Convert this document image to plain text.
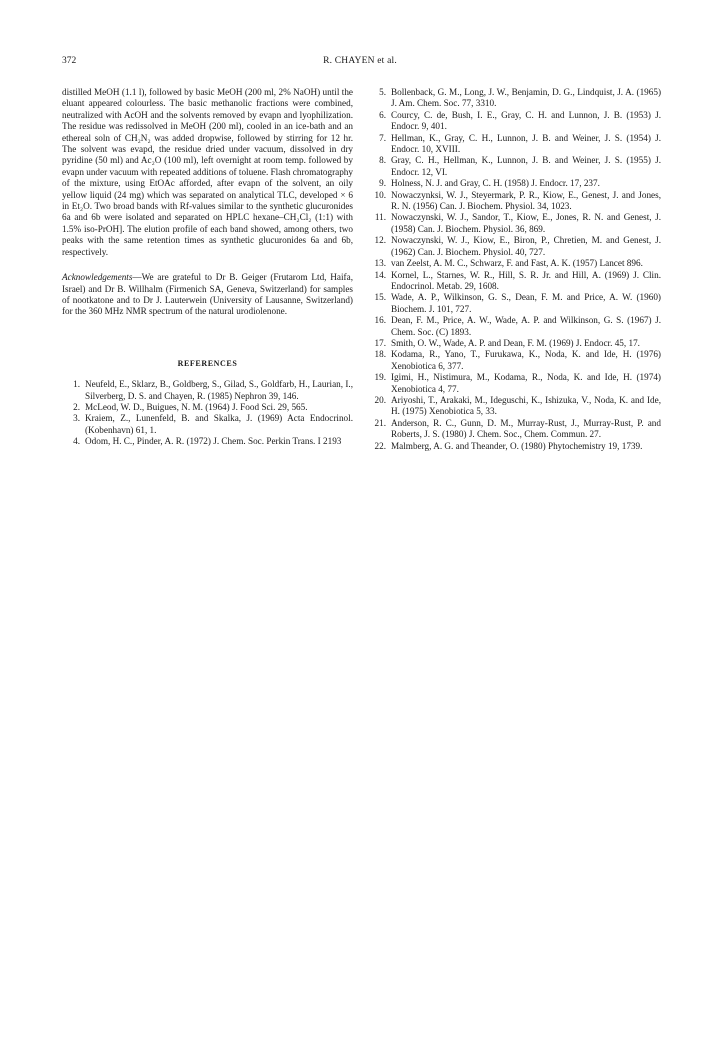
372	R. CHAYEN et al.

distilled MeOH (1.1 l), followed by basic MeOH (200 ml, 2% NaOH) until the eluant appeared colourless. The basic methanolic fractions were combined, neutralized with AcOH and the solvents removed by evapn and lyophilization. The residue was redissolved in MeOH (200 ml), cooled in an ice-bath and an ethereal soln of CH₂N₂ was added dropwise, followed by stirring for 12 hr. The solvent was evapd, the residue dried under vacuum, dissolved in dry pyridine (50 ml) and Ac₂O (100 ml), left overnight at room temp. followed by evapn under vacuum with repeated additions of toluene. Flash chromatography of the mixture, using EtOAc afforded, after evapn of the solvent, an oily yellow liquid (24 mg) which was separated on analytical TLC, developed × 6 in Et₂O. Two broad bands with Rf-values similar to the synthetic glucuronides 6a and 6b were isolated and separated on HPLC hexane–CH₂Cl₂ (1:1) with 1.5% iso-PrOH]. The elution profile of each band showed, among others, two peaks with the same retention times as synthetic glucuronides 6a and 6b, respectively.

Acknowledgements—We are grateful to Dr B. Geiger (Frutarom Ltd, Haifa, Israel) and Dr B. Willhalm (Firmenich SA, Geneva, Switzerland) for samples of nootkatone and to Dr J. Lauterwein (University of Lausanne, Switzerland) for the 360 MHz NMR spectrum of the natural urodiolenone.

REFERENCES
1. Neufeld, E., Sklarz, B., Goldberg, S., Gilad, S., Goldfarb, H., Laurian, I., Silverberg, D. S. and Chayen, R. (1985) Nephron 39, 146.
2. McLeod, W. D., Buigues, N. M. (1964) J. Food Sci. 29, 565.
3. Kraiem, Z., Lunenfeld, B. and Skalka, J. (1969) Acta Endocrinol. (Kobenhavn) 61, 1.
4. Odom, H. C., Pinder, A. R. (1972) J. Chem. Soc. Perkin Trans. I 2193
5. Bollenback, G. M., Long, J. W., Benjamin, D. G., Lindquist, J. A. (1965) J. Am. Chem. Soc. 77, 3310.
6. Courcy, C. de, Bush, I. E., Gray, C. H. and Lunnon, J. B. (1953) J. Endocr. 9, 401.
7. Hellman, K., Gray, C. H., Lunnon, J. B. and Weiner, J. S. (1954) J. Endocr. 10, XVIII.
8. Gray, C. H., Hellman, K., Lunnon, J. B. and Weiner, J. S. (1955) J. Endocr. 12, VI.
9. Holness, N. J. and Gray, C. H. (1958) J. Endocr. 17, 237.
10. Nowaczynksi, W. J., Steyermark, P. R., Kiow, E., Genest, J. and Jones, R. N. (1956) Can. J. Biochem. Physiol. 34, 1023.
11. Nowaczynski, W. J., Sandor, T., Kiow, E., Jones, R. N. and Genest, J. (1958) Can. J. Biochem. Physiol. 36, 869.
12. Nowaczynski, W. J., Kiow, E., Biron, P., Chretien, M. and Genest, J. (1962) Can. J. Biochem. Physiol. 40, 727.
13. van Zeelst, A. M. C., Schwarz, F. and Fast, A. K. (1957) Lancet 896.
14. Kornel, L., Starnes, W. R., Hill, S. R. Jr. and Hill, A. (1969) J. Clin. Endocrinol. Metab. 29, 1608.
15. Wade, A. P., Wilkinson, G. S., Dean, F. M. and Price, A. W. (1960) Biochem. J. 101, 727.
16. Dean, F. M., Price, A. W., Wade, A. P. and Wilkinson, G. S. (1967) J. Chem. Soc. (C) 1893.
17. Smith, O. W., Wade, A. P. and Dean, F. M. (1969) J. Endocr. 45, 17.
18. Kodama, R., Yano, T., Furukawa, K., Noda, K. and Ide, H. (1976) Xenobiotica 6, 377.
19. Igimi, H., Nistimura, M., Kodama, R., Noda, K. and Ide, H. (1974) Xenobiotica 4, 77.
20. Ariyoshi, T., Arakaki, M., Ideguschi, K., Ishizuka, V., Noda, K. and Ide, H. (1975) Xenobiotica 5, 33.
21. Anderson, R. C., Gunn, D. M., Murray-Rust, J., Murray-Rust, P. and Roberts, J. S. (1980) J. Chem. Soc., Chem. Commun. 27.
22. Malmberg, A. G. and Theander, O. (1980) Phytochemistry 19, 1739.
